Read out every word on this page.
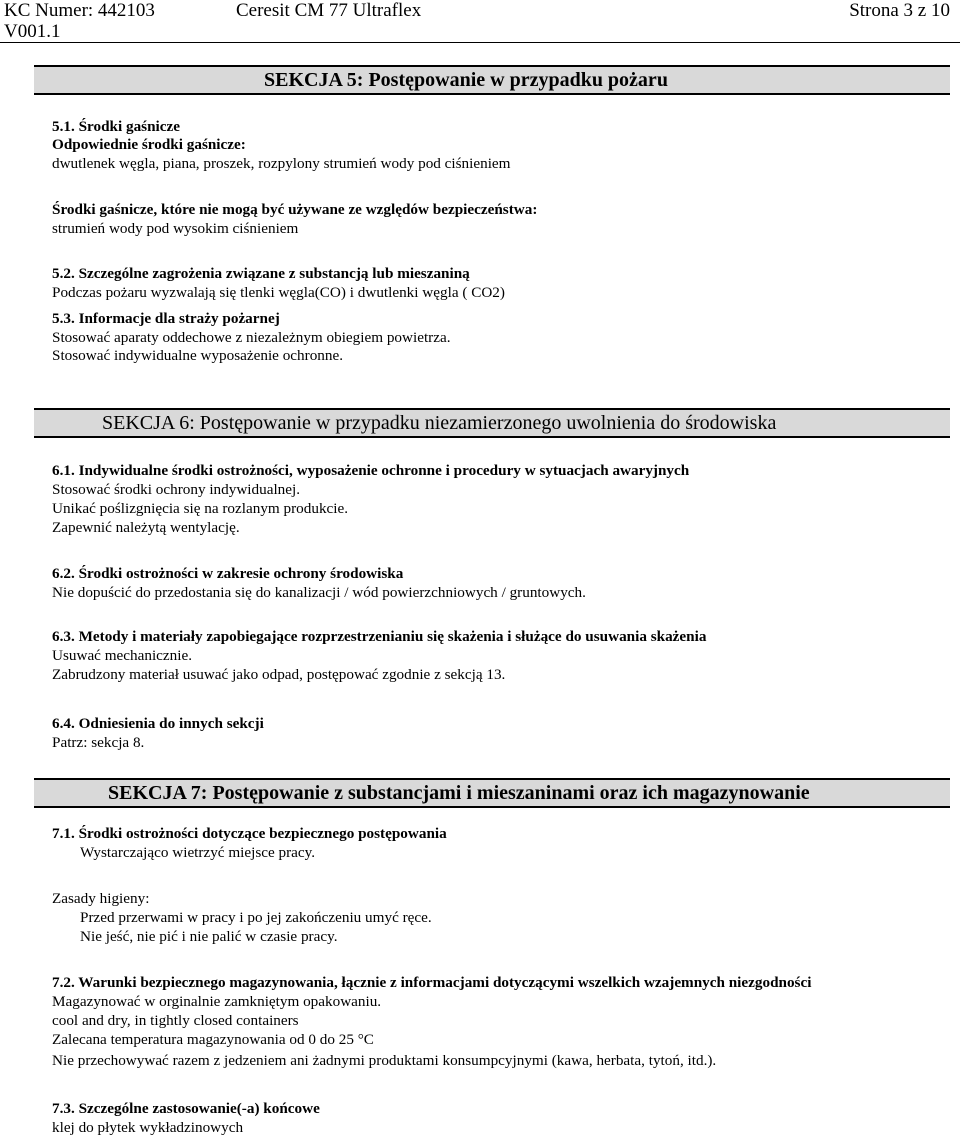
KC Numer: 442103
V001.1
Ceresit CM 77 Ultraflex	Strona 3 z 10
SEKCJA 5: Postępowanie w przypadku pożaru
5.1. Środki gaśnicze
Odpowiednie środki gaśnicze:
dwutlenek węgla, piana, proszek, rozpylony strumień wody pod ciśnieniem
Środki gaśnicze, które nie mogą być używane ze względów bezpieczeństwa:
strumień wody pod wysokim ciśnieniem
5.2. Szczególne zagrożenia związane z substancją lub mieszaniną
Podczas pożaru wyzwalają się tlenki węgla(CO) i dwutlenki węgla ( CO2)
5.3. Informacje dla straży pożarnej
Stosować aparaty oddechowe z niezależnym obiegiem powietrza.
Stosować indywidualne wyposażenie ochronne.
SEKCJA 6: Postępowanie w przypadku niezamierzonego uwolnienia do środowiska
6.1. Indywidualne środki ostrożności, wyposażenie ochronne i procedury w sytuacjach awaryjnych
Stosować środki ochrony indywidualnej.
Unikać poślizgnięcia się na rozlanym produkcie.
Zapewnić należytą wentylację.
6.2. Środki ostrożności w zakresie ochrony środowiska
Nie dopuścić do przedostania się do kanalizacji / wód powierzchniowych / gruntowych.
6.3. Metody i materiały zapobiegające rozprzestrzenianiu się skażenia i służące do usuwania skażenia
Usuwać mechanicznie.
Zabrudzony materiał usuwać jako odpad, postępować zgodnie z sekcją 13.
6.4. Odniesienia do innych sekcji
Patrz: sekcja 8.
SEKCJA 7: Postępowanie z substancjami i mieszaninami oraz ich magazynowanie
7.1. Środki ostrożności dotyczące bezpiecznego postępowania
Wystarczająco wietrzyć miejsce pracy.
Zasady higieny:
Przed przerwami w pracy i po jej zakończeniu umyć ręce.
Nie jeść, nie pić i nie palić w czasie pracy.
7.2. Warunki bezpiecznego magazynowania, łącznie z informacjami dotyczącymi wszelkich wzajemnych niezgodności
Magazynować w orginalnie zamkniętym opakowaniu.
cool and dry, in tightly closed containers
Zalecana temperatura magazynowania od 0 do 25 °C
Nie przechowywać razem z jedzeniem ani żadnymi produktami konsumpcyjnymi (kawa, herbata, tytoń, itd.).
7.3. Szczególne zastosowanie(-a) końcowe
klej do płytek wykładzinowych
